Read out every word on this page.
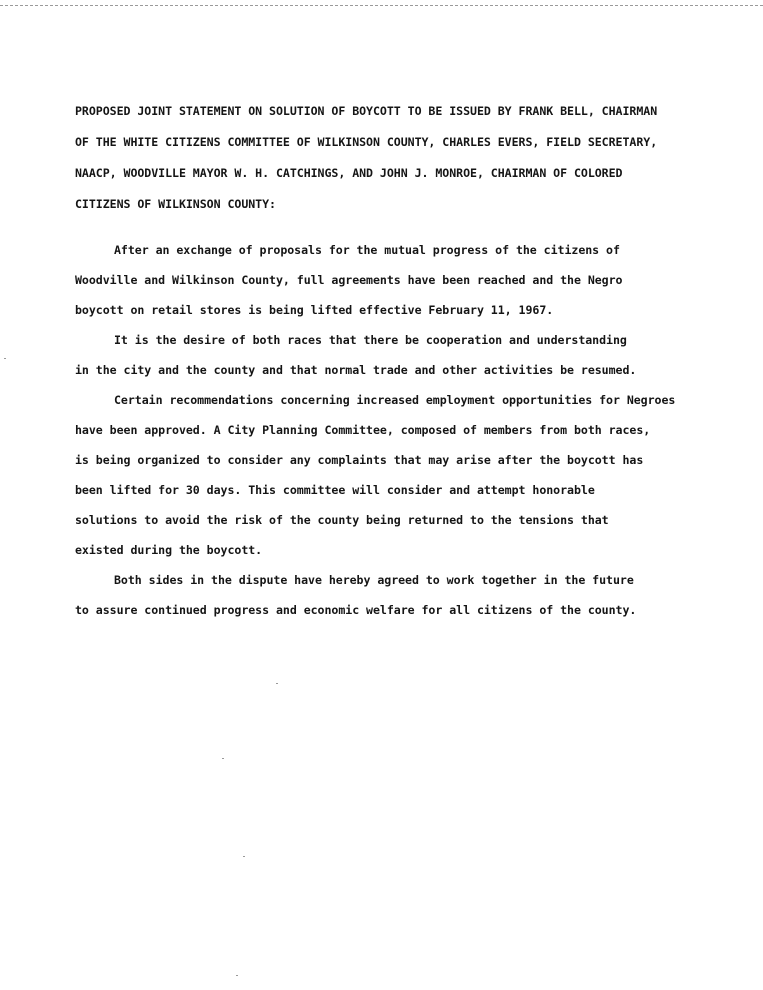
PROPOSED JOINT STATEMENT ON SOLUTION OF BOYCOTT TO BE ISSUED BY FRANK BELL, CHAIRMAN
OF THE WHITE CITIZENS COMMITTEE OF WILKINSON COUNTY, CHARLES EVERS, FIELD SECRETARY,
NAACP, WOODVILLE MAYOR W. H. CATCHINGS, AND JOHN J. MONROE, CHAIRMAN OF COLORED
CITIZENS OF WILKINSON COUNTY:
After an exchange of proposals for the mutual progress of the citizens of
Woodville and Wilkinson County, full agreements have been reached and the Negro
boycott on retail stores is being lifted effective February 11, 1967.
It is the desire of both races that there be cooperation and understanding
in the city and the county and that normal trade and other activities be resumed.
Certain recommendations concerning increased employment opportunities for Negroes
have been approved. A City Planning Committee, composed of members from both races,
is being organized to consider any complaints that may arise after the boycott has
been lifted for 30 days. This committee will consider and attempt honorable
solutions to avoid the risk of the county being returned to the tensions that
existed during the boycott.
Both sides in the dispute have hereby agreed to work together in the future
to assure continued progress and economic welfare for all citizens of the county.
